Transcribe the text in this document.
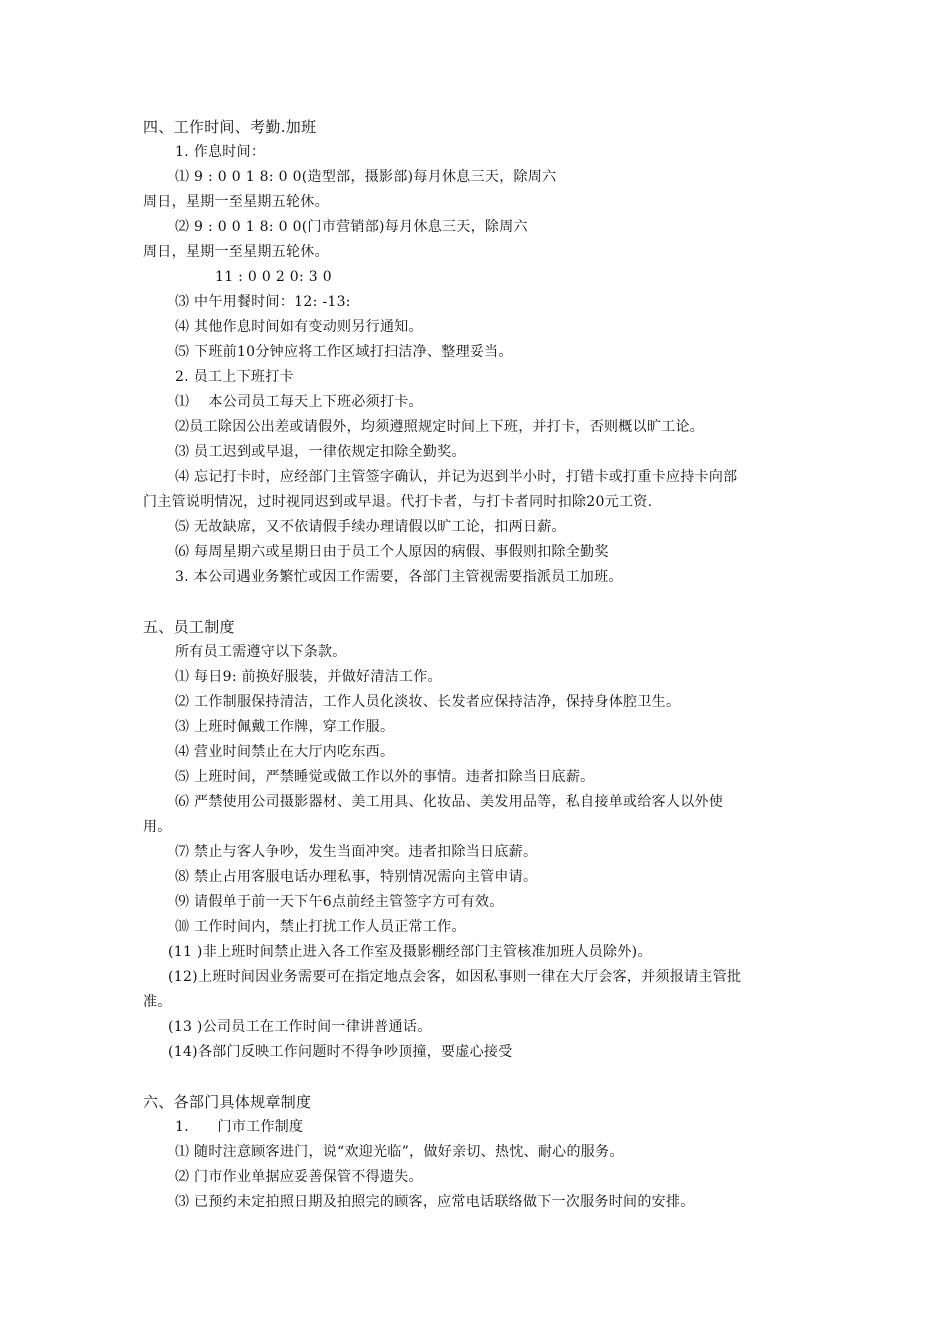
四、工作时间、考勤.加班
1. 作息时间：
⑴ 9 : 0 0 1 8: 0 0(造型部，摄影部)每月休息三天，除周六
周日，星期一至星期五轮休。
⑵ 9 : 0 0 1 8: 0 0(门市营销部)每月休息三天，除周六
周日，星期一至星期五轮休。
11 : 0 0 2 0: 3 0
⑶ 中午用餐时间：12: -13:
⑷ 其他作息时间如有变动则另行通知。
⑸ 下班前10分钟应将工作区域打扫洁净、整理妥当。
2. 员工上下班打卡
⑴　 本公司员工每天上下班必须打卡。
⑵员工除因公出差或请假外，均须遵照规定时间上下班，并打卡，否则概以旷工论。
⑶ 员工迟到或早退，一律依规定扣除全勤奖。
⑷ 忘记打卡时，应经部门主管签字确认，并记为迟到半小时，打错卡或打重卡应持卡向部
门主管说明情况，过时视同迟到或早退。代打卡者，与打卡者同时扣除20元工资.
⑸ 无故缺席，又不依请假手续办理请假以旷工论，扣两日薪。
⑹ 每周星期六或星期日由于员工个人原因的病假、事假则扣除全勤奖
3. 本公司遇业务繁忙或因工作需要，各部门主管视需要指派员工加班。
五、员工制度
所有员工需遵守以下条款。
⑴ 每日9: 前换好服装，并做好清洁工作。
⑵ 工作制服保持清洁，工作人员化淡妆、长发者应保持洁净，保持身体腔卫生。
⑶ 上班时佩戴工作牌，穿工作服。
⑷ 营业时间禁止在大厅内吃东西。
⑸ 上班时间，严禁睡觉或做工作以外的事情。违者扣除当日底薪。
⑹ 严禁使用公司摄影器材、美工用具、化妆品、美发用品等，私自接单或给客人以外使
用。
⑺ 禁止与客人争吵，发生当面冲突。违者扣除当日底薪。
⑻ 禁止占用客服电话办理私事，特别情况需向主管申请。
⑼ 请假单于前一天下午6点前经主管签字方可有效。
⑽ 工作时间内，禁止打扰工作人员正常工作。
(11 )非上班时间禁止进入各工作室及摄影棚经部门主管核准加班人员除外)。
(12)上班时间因业务需要可在指定地点会客，如因私事则一律在大厅会客，并须报请主管批
准。
(13 )公司员工在工作时间一律讲普通话。
(14)各部门反映工作问题时不得争吵顶撞，要虚心接受
六、各部门具体规章制度
1.　　门市工作制度
⑴ 随时注意顾客进门，说“欢迎光临”，做好亲切、热忱、耐心的服务。
⑵ 门市作业单据应妥善保管不得遗失。
⑶ 已预约未定拍照日期及拍照完的顾客，应常电话联络做下一次服务时间的安排。
